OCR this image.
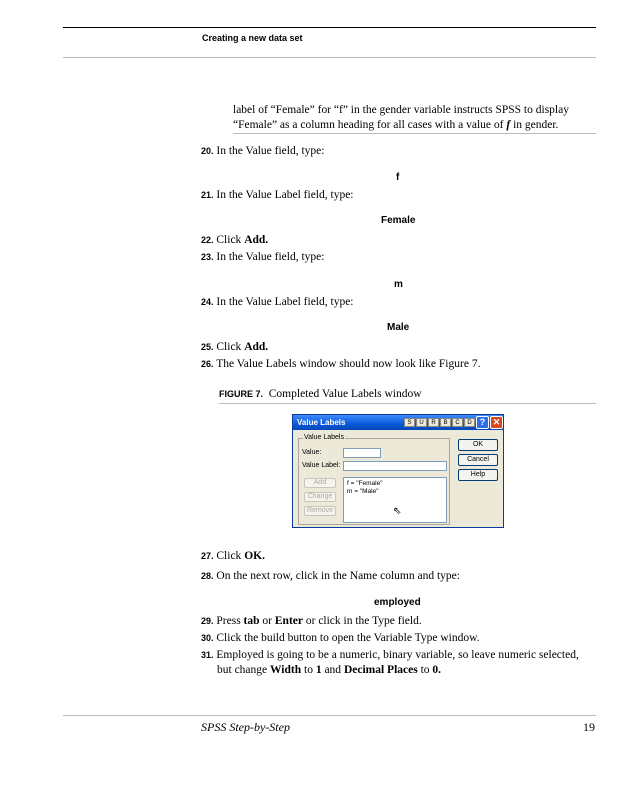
Creating a new data set
label of “Female” for “f” in the gender variable instructs SPSS to display
“Female” as a column heading for all cases with a value of f in gender.
20. In the Value field, type:
f
21. In the Value Label field, type:
Female
22. Click Add.
23. In the Value field, type:
m
24. In the Value Label field, type:
Male
25. Click Add.
26. The Value Labels window should now look like Figure 7.
FIGURE 7. Completed Value Labels window
Value Labels	S	U	R	B	C	D ? ✕
Value Labels
Value:
Value Label:
Add
Change
Remove
f = "Female"
m = "Male"
OK
Cancel
Help
⇖
27. Click OK.
28. On the next row, click in the Name column and type:
employed
29. Press tab or Enter or click in the Type field.
30. Click the build button to open the Variable Type window.
31. Employed is going to be a numeric, binary variable, so leave numeric selected,
but change Width to 1 and Decimal Places to 0.
SPSS Step-by-Step	19
